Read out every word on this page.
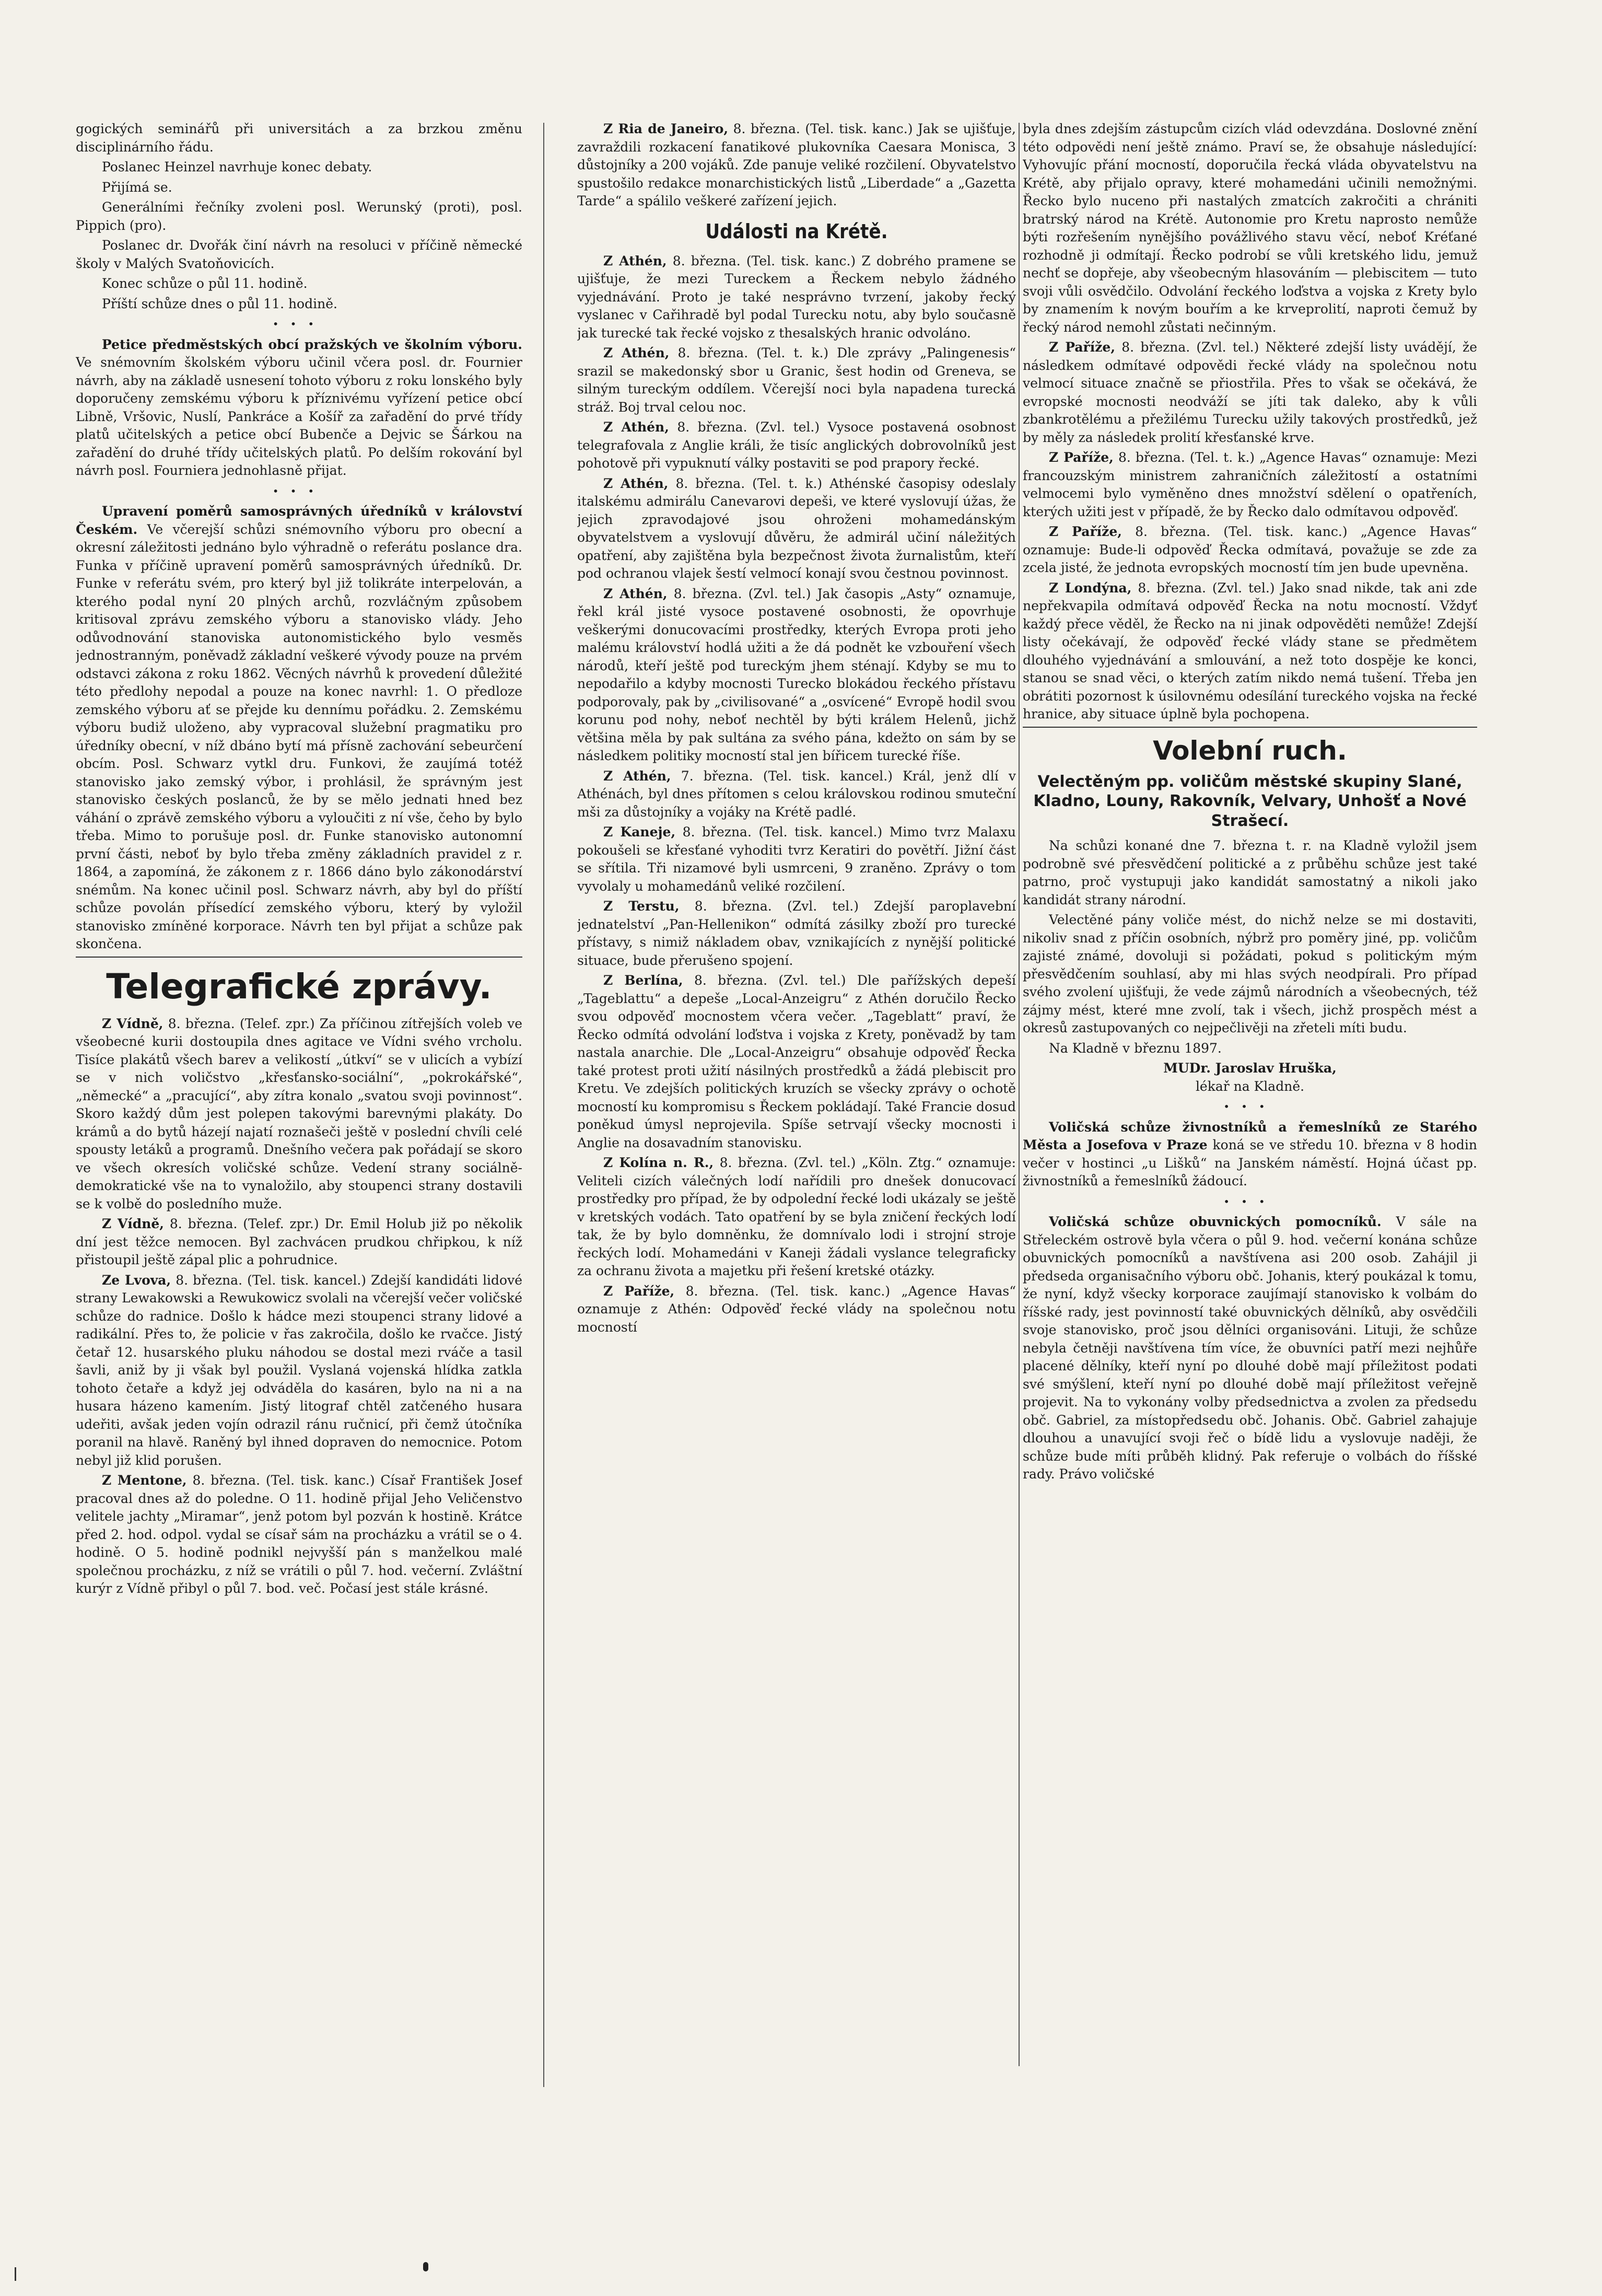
gogických seminářů při universitách a za brzkou změnu disciplinárního řádu.

Poslanec Heinzel navrhuje konec debaty.

Přijímá se.

Generálními řečníky zvoleni posl. Werunský (proti), posl. Pippich (pro).

Poslanec dr. Dvořák činí návrh na resoluci v příčině německé školy v Malých Svatoňovicích.

Konec schůze o půl 11. hodině.

Příští schůze dnes o půl 11. hodině.

•••

Petice předměstských obcí pražských ve školním výboru. Ve snémovním školském výboru učinil včera posl. dr. Fournier návrh, aby na základě usnesení tohoto výboru z roku lonského byly doporučeny zemskému výboru k příznivému vyřízení petice obcí Libně, Vršovic, Nuslí, Pankráce a Košíř za zařadění do prvé třídy platů učitelských a petice obcí Bubenče a Dejvic se Šárkou na zařadění do druhé třídy učitelských platů. Po delším rokování byl návrh posl. Fourniera jednohlasně přijat.

•••

Upravení poměrů samosprávných úředníků v království Českém. Ve včerejší schůzi snémovního výboru pro obecní a okresní záležitosti jednáno bylo výhradně o referátu poslance dra. Funka v příčině upravení poměrů samosprávných úředníků. Dr. Funke v referátu svém, pro který byl již tolikráte interpelován, a kterého podal nyní 20 plných archů, rozvláčným způsobem kritisoval zprávu zemského výboru a stanovisko vlády. Jeho odůvodnování stanoviska autonomistického bylo vesměs jednostranným, poněvadž základní veškeré vývody pouze na prvém odstavci zákona z roku 1862. Věcných návrhů k provedení důležité této předlohy nepodal a pouze na konec navrhl: 1. O předloze zemského výboru ať se přejde ku dennímu pořádku. 2. Zemskému výboru budiž uloženo, aby vypracoval služební pragmatiku pro úředníky obecní, v níž dbáno bytí má přísně zachování sebeurčení obcím. Posl. Schwarz vytkl dru. Funkovi, že zaujímá totéž stanovisko jako zemský výbor, i prohlásil, že správným jest stanovisko českých poslanců, že by se mělo jednati hned bez váhání o zprávě zemského výboru a vyloučiti z ní vše, čeho by bylo třeba. Mimo to porušuje posl. dr. Funke stanovisko autonomní první části, neboť by bylo třeba změny základních pravidel z r. 1864, a zapomíná, že zákonem z r. 1866 dáno bylo zákonodárství snémům. Na konec učinil posl. Schwarz návrh, aby byl do příští schůze povolán přísedící zemského výboru, který by vyložil stanovisko zmíněné korporace. Návrh ten byl přijat a schůze pak skončena.

Telegrafické zprávy.

Z Vídně, 8. března. (Telef. zpr.) Za příčinou zítřejších voleb ve všeobecné kurii dostoupila dnes agitace ve Vídni svého vrcholu. Tisíce plakátů všech barev a velikostí „útkví“ se v ulicích a vybízí se v nich voličstvo „křesťansko-sociální“, „pokrokářské“, „německé“ a „pracující“, aby zítra konalo „svatou svoji povinnost“. Skoro každý dům jest polepen takovými barevnými plakáty. Do krámů a do bytů házejí najatí roznašeči ještě v poslední chvíli celé spousty letáků a programů. Dnešního večera pak pořádají se skoro ve všech okresích voličské schůze. Vedení strany sociálně-demokratické vše na to vynaložilo, aby stoupenci strany dostavili se k volbě do posledního muže.

Z Vídně, 8. března. (Telef. zpr.) Dr. Emil Holub již po několik dní jest těžce nemocen. Byl zachvácen prudkou chřipkou, k níž přistoupil ještě zápal plic a pohrudnice.

Ze Lvova, 8. března. (Tel. tisk. kancel.) Zdejší kandidáti lidové strany Lewakowski a Rewukowicz svolali na včerejší večer voličské schůze do radnice. Došlo k hádce mezi stoupenci strany lidové a radikální. Přes to, že policie v řas zakročila, došlo ke rvačce. Jistý četař 12. husarského pluku náhodou se dostal mezi rváče a tasil šavli, aniž by ji však byl použil. Vyslaná vojenská hlídka zatkla tohoto četaře a když jej odváděla do kasáren, bylo na ni a na husara házeno kamením. Jistý litograf chtěl zatčeného husara udeřiti, avšak jeden vojín odrazil ránu ručnicí, při čemž útočníka poranil na hlavě. Raněný byl ihned dopraven do nemocnice. Potom nebyl již klid porušen.

Z Mentone, 8. března. (Tel. tisk. kanc.) Císař František Josef pracoval dnes až do poledne. O 11. hodině přijal Jeho Veličenstvo velitele jachty „Miramar“, jenž potom byl pozván k hostině. Krátce před 2. hod. odpol. vydal se císař sám na procházku a vrátil se o 4. hodině. O 5. hodině podnikl nejvyšší pán s manželkou malé společnou procházku, z níž se vrátili o půl 7. hod. večerní. Zvláštní kurýr z Vídně přibyl o půl 7. bod. več. Počasí jest stále krásné.

Z Ria de Janeiro, 8. března. (Tel. tisk. kanc.) Jak se ujišťuje, zavraždili rozkacení fanatikové plukovníka Caesara Monisca, 3 důstojníky a 200 vojáků. Zde panuje veliké rozčilení. Obyvatelstvo spustošilo redakce monarchistických listů „Liberdade“ a „Gazetta Tarde“ a spálilo veškeré zařízení jejich.

Události na Krétě.

Z Athén, 8. března. (Tel. tisk. kanc.) Z dobrého pramene se ujišťuje, že mezi Tureckem a Řeckem nebylo žádného vyjednávání. Proto je také nesprávno tvrzení, jakoby řecký vyslanec v Cařihradě byl podal Turecku notu, aby bylo současně jak turecké tak řecké vojsko z thesalských hranic odvoláno.

Z Athén, 8. března. (Tel. t. k.) Dle zprávy „Palingenesis“ srazil se makedonský sbor u Granic, šest hodin od Greneva, se silným tureckým oddílem. Včerejší noci byla napadena turecká stráž. Boj trval celou noc.

Z Athén, 8. března. (Zvl. tel.) Vysoce postavená osobnost telegrafovala z Anglie králi, že tisíc anglických dobrovolníků jest pohotově při vypuknutí války postaviti se pod prapory řecké.

Z Athén, 8. března. (Tel. t. k.) Athénské časopisy odeslaly italskému admirálu Canevarovi depeši, ve které vyslovují úžas, že jejich zpravodajové jsou ohroženi mohamedánským obyvatelstvem a vyslovují důvěru, že admirál učiní náležitých opatření, aby zajištěna byla bezpečnost života žurnalistům, kteří pod ochranou vlajek šestí velmocí konají svou čestnou povinnost.

Z Athén, 8. března. (Zvl. tel.) Jak časopis „Asty“ oznamuje, řekl král jisté vysoce postavené osobnosti, že opovrhuje veškerými donucovacími prostředky, kterých Evropa proti jeho malému království hodlá užiti a že dá podnět ke vzbouření všech národů, kteří ještě pod tureckým jhem sténají. Kdyby se mu to nepodařilo a kdyby mocnosti Turecko blokádou řeckého přístavu podporovaly, pak by „civilisované“ a „osvícené“ Evropě hodil svou korunu pod nohy, neboť nechtěl by býti králem Helenů, jichž většina měla by pak sultána za svého pána, kdežto on sám by se následkem politiky mocností stal jen bířicem turecké říše.

Z Athén, 7. března. (Tel. tisk. kancel.) Král, jenž dlí v Athénách, byl dnes přítomen s celou královskou rodinou smuteční mši za důstojníky a vojáky na Krétě padlé.

Z Kaneje, 8. března. (Tel. tisk. kancel.) Mimo tvrz Malaxu pokoušeli se křesťané vyhoditi tvrz Keratiri do povětří. Jižní část se sřítila. Tři nizamové byli usmrceni, 9 zraněno. Zprávy o tom vyvolaly u mohamedánů veliké rozčilení.

Z Terstu, 8. března. (Zvl. tel.) Zdejší paroplavební jednatelství „Pan-Hellenikon“ odmítá zásilky zboží pro turecké přístavy, s nimiž nákladem obav, vznikajících z nynější politické situace, bude přerušeno spojení.

Z Berlína, 8. března. (Zvl. tel.) Dle pařížských depeší „Tageblattu“ a depeše „Local-Anzeigru“ z Athén doručilo Řecko svou odpověď mocnostem včera večer. „Tageblatt“ praví, že Řecko odmítá odvolání loďstva i vojska z Krety, poněvadž by tam nastala anarchie. Dle „Local-Anzeigru“ obsahuje odpověď Řecka také protest proti užití násilných prostředků a žádá plebiscit pro Kretu. Ve zdejších politických kruzích se všecky zprávy o ochotě mocností ku kompromisu s Řeckem pokládají. Také Francie dosud poněkud úmysl neprojevila. Spíše setrvají všecky mocnosti i Anglie na dosavadním stanovisku.

Z Kolína n. R., 8. března. (Zvl. tel.) „Köln. Ztg.“ oznamuje: Veliteli cizích válečných lodí nařídili pro dnešek donucovací prostředky pro případ, že by odpolední řecké lodi ukázaly se ještě v kretských vodách. Tato opatření by se byla zničení řeckých lodí tak, že by bylo domněnku, že domnívalo lodi i strojní stroje řeckých lodí. Mohamedáni v Kaneji žádali vyslance telegraficky za ochranu života a majetku při řešení kretské otázky.

Z Paříže, 8. března. (Tel. tisk. kanc.) „Agence Havas“ oznamuje z Athén: Odpověď řecké vlády na společnou notu mocností

byla dnes zdejším zástupcům cizích vlád odevzdána. Doslovné znění této odpovědi není ještě známo. Praví se, že obsahuje následující: Vyhovujíc přání mocností, doporučila řecká vláda obyvatelstvu na Krétě, aby přijalo opravy, které mohamedáni učinili nemožnými. Řecko bylo nuceno při nastalých zmatcích zakročiti a chrániti bratrský národ na Krétě. Autonomie pro Kretu naprosto nemůže býti rozřešením nynějšího povážlivého stavu věcí, neboť Kréťané rozhodně ji odmítají. Řecko podrobí se vůli kretského lidu, jemuž nechť se dopřeje, aby všeobecným hlasováním — plebiscitem — tuto svoji vůli osvědčilo. Odvolání řeckého loďstva a vojska z Krety bylo by znamením k novým bouřím a ke krveprolití, naproti čemuž by řecký národ nemohl zůstati nečinným.

Z Paříže, 8. března. (Zvl. tel.) Některé zdejší listy uvádějí, že následkem odmítavé odpovědi řecké vlády na společnou notu velmocí situace značně se přiostřila. Přes to však se očekává, že evropské mocnosti neodváží se jíti tak daleko, aby k vůli zbankrotělému a přežilému Turecku užily takových prostředků, jež by měly za následek prolití křesťanské krve.

Z Paříže, 8. března. (Tel. t. k.) „Agence Havas“ oznamuje: Mezi francouzským ministrem zahraničních záležitostí a ostatními velmocemi bylo vyměněno dnes množství sdělení o opatřeních, kterých užiti jest v případě, že by Řecko dalo odmítavou odpověď.

Z Paříže, 8. března. (Tel. tisk. kanc.) „Agence Havas“ oznamuje: Bude-li odpověď Řecka odmítavá, považuje se zde za zcela jisté, že jednota evropských mocností tím jen bude upevněna.

Z Londýna, 8. března. (Zvl. tel.) Jako snad nikde, tak ani zde nepřekvapila odmítavá odpověď Řecka na notu mocností. Vždyť každý přece věděl, že Řecko na ni jinak odpověděti nemůže! Zdejší listy očekávají, že odpověď řecké vlády stane se předmětem dlouhého vyjednávání a smlouvání, a než toto dospěje ke konci, stanou se snad věci, o kterých zatím nikdo nemá tušení. Třeba jen obrátiti pozornost k úsilovnému odesílání tureckého vojska na řecké hranice, aby situace úplně byla pochopena.

Volební ruch.
Velectěným pp. voličům městské skupiny Slané, Kladno, Louny, Rakovník, Velvary, Unhošť a Nové Strašecí.

Na schůzi konané dne 7. března t. r. na Kladně vyložil jsem podrobně své přesvědčení politické a z průběhu schůze jest také patrno, proč vystupuji jako kandidát samostatný a nikoli jako kandidát strany národní.

Velectěné pány voliče mést, do nichž nelze se mi dostaviti, nikoliv snad z příčin osobních, nýbrž pro poměry jiné, pp. voličům zajisté známé, dovoluji si požádati, pokud s politickým mým přesvědčením souhlasí, aby mi hlas svých neodpírali. Pro případ svého zvolení ujišťuji, že vede zájmů národních a všeobecných, též zájmy mést, které mne zvolí, tak i všech, jichž prospěch mést a okresů zastupovaných co nejpečlivěji na zřeteli míti budu.

Na Kladně v březnu 1897.

MUDr. Jaroslav Hruška,
lékař na Kladně.
•••

Voličská schůze živnostníků a řemeslníků ze Starého Města a Josefova v Praze koná se ve středu 10. března v 8 hodin večer v hostinci „u Lišků“ na Janském náměstí. Hojná účast pp. živnostníků a řemeslníků žádoucí.

•••

Voličská schůze obuvnických pomocníků. V sále na Střeleckém ostrově byla včera o půl 9. hod. večerní konána schůze obuvnických pomocníků a navštívena asi 200 osob. Zahájil ji předseda organisačního výboru obč. Johanis, který poukázal k tomu, že nyní, když všecky korporace zaujímají stanovisko k volbám do říšské rady, jest povinností také obuvnických dělníků, aby osvědčili svoje stanovisko, proč jsou dělníci organisováni. Lituji, že schůze nebyla četněji navštívena tím více, že obuvníci patří mezi nejhůře placené dělníky, kteří nyní po dlouhé době mají příležitost podati své smýšlení, kteří nyní po dlouhé době mají příležitost veřejně projevit. Na to vykonány volby předsednictva a zvolen za předsedu obč. Gabriel, za místopředsedu obč. Johanis. Obč. Gabriel zahajuje dlouhou a unavující svoji řeč o bídě lidu a vyslovuje naději, že schůze bude míti průběh klidný. Pak referuje o volbách do říšské rady. Právo voličské
